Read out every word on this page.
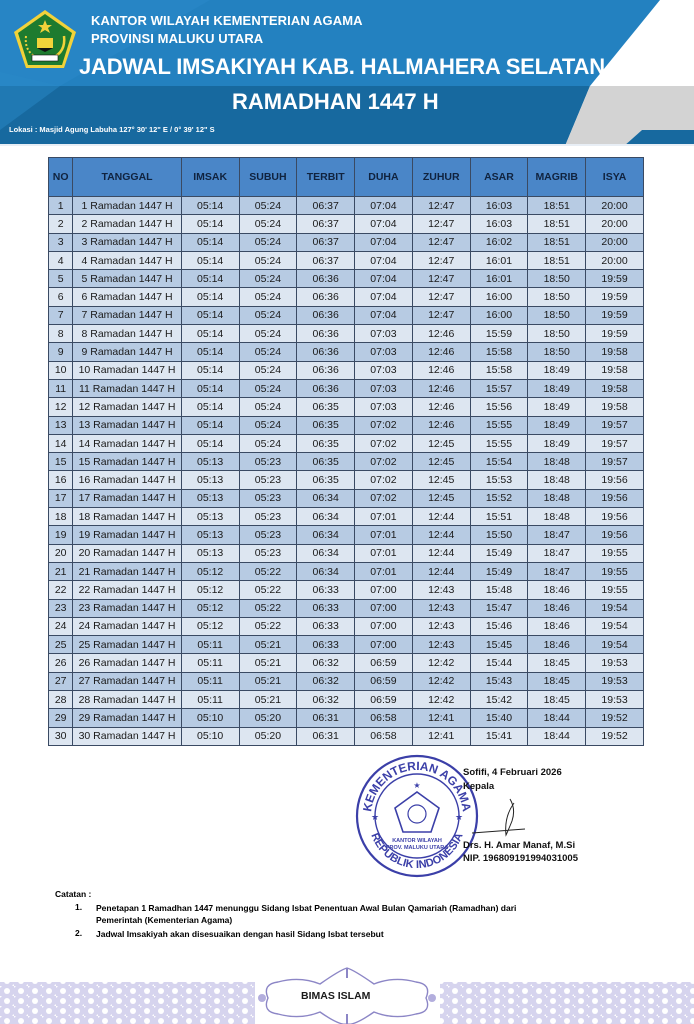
KANTOR WILAYAH KEMENTERIAN AGAMA
PROVINSI MALUKU UTARA
JADWAL IMSAKIYAH KAB. HALMAHERA SELATAN
RAMADHAN 1447 H
Lokasi : Masjid Agung Labuha 127° 30' 12" E / 0° 39' 12" S
NO	TANGGAL	IMSAK	SUBUH	TERBIT	DUHA	ZUHUR	ASAR	MAGRIB	ISYA
1	1 Ramadan 1447 H	05:14	05:24	06:37	07:04	12:47	16:03	18:51	20:00
2	2 Ramadan 1447 H	05:14	05:24	06:37	07:04	12:47	16:03	18:51	20:00
3	3 Ramadan 1447 H	05:14	05:24	06:37	07:04	12:47	16:02	18:51	20:00
4	4 Ramadan 1447 H	05:14	05:24	06:37	07:04	12:47	16:01	18:51	20:00
5	5 Ramadan 1447 H	05:14	05:24	06:36	07:04	12:47	16:01	18:50	19:59
6	6 Ramadan 1447 H	05:14	05:24	06:36	07:04	12:47	16:00	18:50	19:59
7	7 Ramadan 1447 H	05:14	05:24	06:36	07:04	12:47	16:00	18:50	19:59
8	8 Ramadan 1447 H	05:14	05:24	06:36	07:03	12:46	15:59	18:50	19:59
9	9 Ramadan 1447 H	05:14	05:24	06:36	07:03	12:46	15:58	18:50	19:58
10	10 Ramadan 1447 H	05:14	05:24	06:36	07:03	12:46	15:58	18:49	19:58
11	11 Ramadan 1447 H	05:14	05:24	06:36	07:03	12:46	15:57	18:49	19:58
12	12 Ramadan 1447 H	05:14	05:24	06:35	07:03	12:46	15:56	18:49	19:58
13	13 Ramadan 1447 H	05:14	05:24	06:35	07:02	12:46	15:55	18:49	19:57
14	14 Ramadan 1447 H	05:14	05:24	06:35	07:02	12:45	15:55	18:49	19:57
15	15 Ramadan 1447 H	05:13	05:23	06:35	07:02	12:45	15:54	18:48	19:57
16	16 Ramadan 1447 H	05:13	05:23	06:35	07:02	12:45	15:53	18:48	19:56
17	17 Ramadan 1447 H	05:13	05:23	06:34	07:02	12:45	15:52	18:48	19:56
18	18 Ramadan 1447 H	05:13	05:23	06:34	07:01	12:44	15:51	18:48	19:56
19	19 Ramadan 1447 H	05:13	05:23	06:34	07:01	12:44	15:50	18:47	19:56
20	20 Ramadan 1447 H	05:13	05:23	06:34	07:01	12:44	15:49	18:47	19:55
21	21 Ramadan 1447 H	05:12	05:22	06:34	07:01	12:44	15:49	18:47	19:55
22	22 Ramadan 1447 H	05:12	05:22	06:33	07:00	12:43	15:48	18:46	19:55
23	23 Ramadan 1447 H	05:12	05:22	06:33	07:00	12:43	15:47	18:46	19:54
24	24 Ramadan 1447 H	05:12	05:22	06:33	07:00	12:43	15:46	18:46	19:54
25	25 Ramadan 1447 H	05:11	05:21	06:33	07:00	12:43	15:45	18:46	19:54
26	26 Ramadan 1447 H	05:11	05:21	06:32	06:59	12:42	15:44	18:45	19:53
27	27 Ramadan 1447 H	05:11	05:21	06:32	06:59	12:42	15:43	18:45	19:53
28	28 Ramadan 1447 H	05:11	05:21	06:32	06:59	12:42	15:42	18:45	19:53
29	29 Ramadan 1447 H	05:10	05:20	06:31	06:58	12:41	15:40	18:44	19:52
30	30 Ramadan 1447 H	05:10	05:20	06:31	06:58	12:41	15:41	18:44	19:52
KEMENTERIAN AGAMA
REPUBLIK INDONESIA
★
★	★
KANTOR WILAYAH
PROV. MALUKU UTARA
Sofifi, 4 Februari 2026
Kepala
Drs. H. Amar Manaf, M.Si
NIP. 196809191994031005
Catatan :
1. Penetapan 1 Ramadhan 1447 menunggu Sidang Isbat Penentuan Awal Bulan Qamariah (Ramadhan) dari Pemerintah (Kementerian Agama)
2. Jadwal Imsakiyah akan disesuaikan dengan hasil Sidang Isbat tersebut
BIMAS ISLAM
